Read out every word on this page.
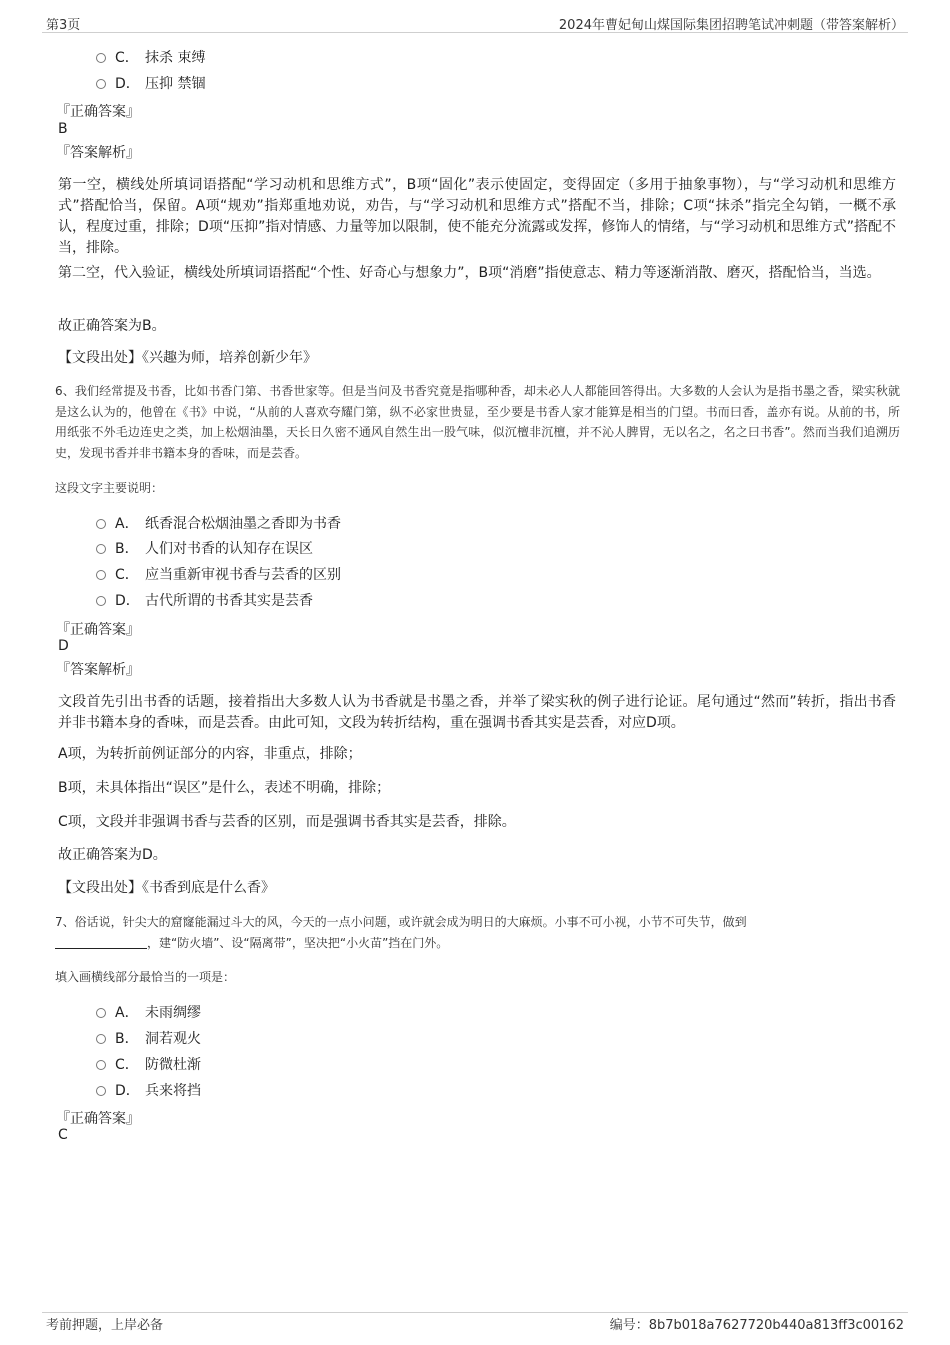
第3页	2024年曹妃甸山煤国际集团招聘笔试冲刺题（带答案解析）
C． 抹杀 束缚
D． 压抑 禁锢
『正确答案』
B
『答案解析』

第一空，横线处所填词语搭配“学习动机和思维方式”，B项“固化”表示使固定，变得固定（多用于抽象事物），与“学习动机和思维方式”搭配恰当，保留。A项“规劝”指郑重地劝说，劝告，与“学习动机和思维方式”搭配不当，排除；C项“抹杀”指完全勾销，一概不承认，程度过重，排除；D项“压抑”指对情感、力量等加以限制，使不能充分流露或发挥，修饰人的情绪，与“学习动机和思维方式”搭配不当，排除。

第二空，代入验证，横线处所填词语搭配“个性、好奇心与想象力”，B项“消磨”指使意志、精力等逐渐消散、磨灭，搭配恰当，当选。

故正确答案为B。

【文段出处】《兴趣为师，培养创新少年》

6、我们经常提及书香，比如书香门第、书香世家等。但是当问及书香究竟是指哪种香，却未必人人都能回答得出。大多数的人会认为是指书墨之香，梁实秋就是这么认为的，他曾在《书》中说，“从前的人喜欢夸耀门第，纵不必家世贵显，至少要是书香人家才能算是相当的门望。书而曰香，盖亦有说。从前的书，所用纸张不外毛边连史之类，加上松烟油墨，天长日久密不通风自然生出一股气味，似沉檀非沉檀，并不沁人脾胃，无以名之，名之曰书香”。然而当我们追溯历史，发现书香并非书籍本身的香味，而是芸香。

这段文字主要说明：

A． 纸香混合松烟油墨之香即为书香
B． 人们对书香的认知存在误区
C． 应当重新审视书香与芸香的区别
D． 古代所谓的书香其实是芸香
『正确答案』
D
『答案解析』

文段首先引出书香的话题，接着指出大多数人认为书香就是书墨之香，并举了梁实秋的例子进行论证。尾句通过“然而”转折，指出书香并非书籍本身的香味，而是芸香。由此可知，文段为转折结构，重在强调书香其实是芸香，对应D项。

A项，为转折前例证部分的内容，非重点，排除；

B项，未具体指出“误区”是什么，表述不明确，排除；

C项，文段并非强调书香与芸香的区别，而是强调书香其实是芸香，排除。

故正确答案为D。

【文段出处】《书香到底是什么香》

7、俗话说，针尖大的窟窿能漏过斗大的风，今天的一点小问题，或许就会成为明日的大麻烦。小事不可小视，小节不可失节，做到
，建“防火墙”、设“隔离带”，坚决把“小火苗”挡在门外。

填入画横线部分最恰当的一项是：

A． 未雨绸缪
B． 洞若观火
C． 防微杜渐
D． 兵来将挡
『正确答案』
C
考前押题，上岸必备	编号：8b7b018a7627720b440a813ff3c00162
